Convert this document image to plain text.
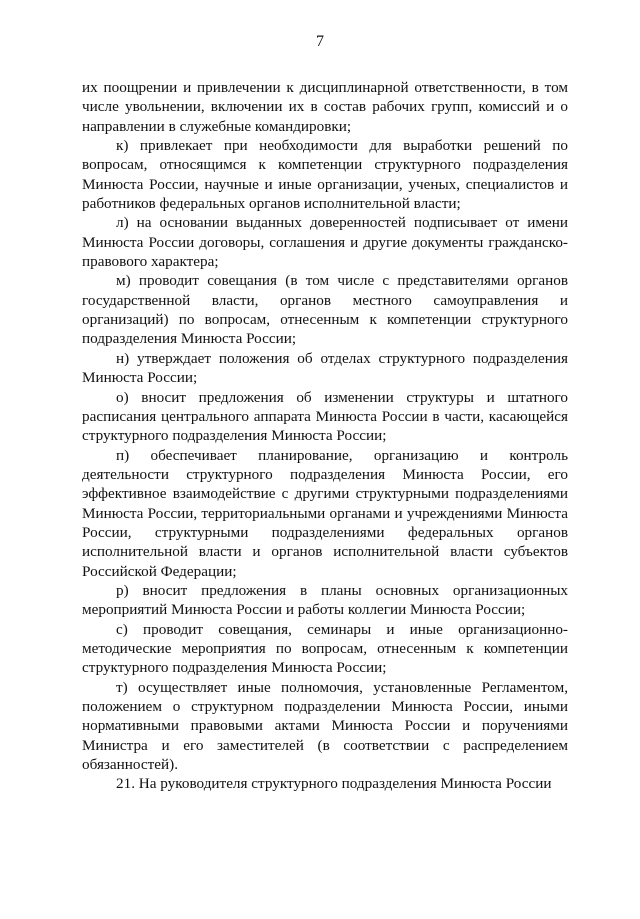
7

их поощрении и привлечении к дисциплинарной ответственности, в том числе увольнении, включении их в состав рабочих групп, комиссий и о направлении в служебные командировки;

к) привлекает при необходимости для выработки решений по вопросам, относящимся к компетенции структурного подразделения Минюста России, научные и иные организации, ученых, специалистов и работников федеральных органов исполнительной власти;

л) на основании выданных доверенностей подписывает от имени Минюста России договоры, соглашения и другие документы гражданско-правового характера;

м) проводит совещания (в том числе с представителями органов государственной власти, органов местного самоуправления и организаций) по вопросам, отнесенным к компетенции структурного подразделения Минюста России;

н) утверждает положения об отделах структурного подразделения Минюста России;

о) вносит предложения об изменении структуры и штатного расписания центрального аппарата Минюста России в части, касающейся структурного подразделения Минюста России;

п) обеспечивает планирование, организацию и контроль деятельности структурного подразделения Минюста России, его эффективное взаимодействие с другими структурными подразделениями Минюста России, территориальными органами и учреждениями Минюста России, структурными подразделениями федеральных органов исполнительной власти и органов исполнительной власти субъектов Российской Федерации;

р) вносит предложения в планы основных организационных мероприятий Минюста России и работы коллегии Минюста России;

с) проводит совещания, семинары и иные организационно-методические мероприятия по вопросам, отнесенным к компетенции структурного подразделения Минюста России;

т) осуществляет иные полномочия, установленные Регламентом, положением о структурном подразделении Минюста России, иными нормативными правовыми актами Минюста России и поручениями Министра и его заместителей (в соответствии с распределением обязанностей).

21. На руководителя структурного подразделения Минюста России
